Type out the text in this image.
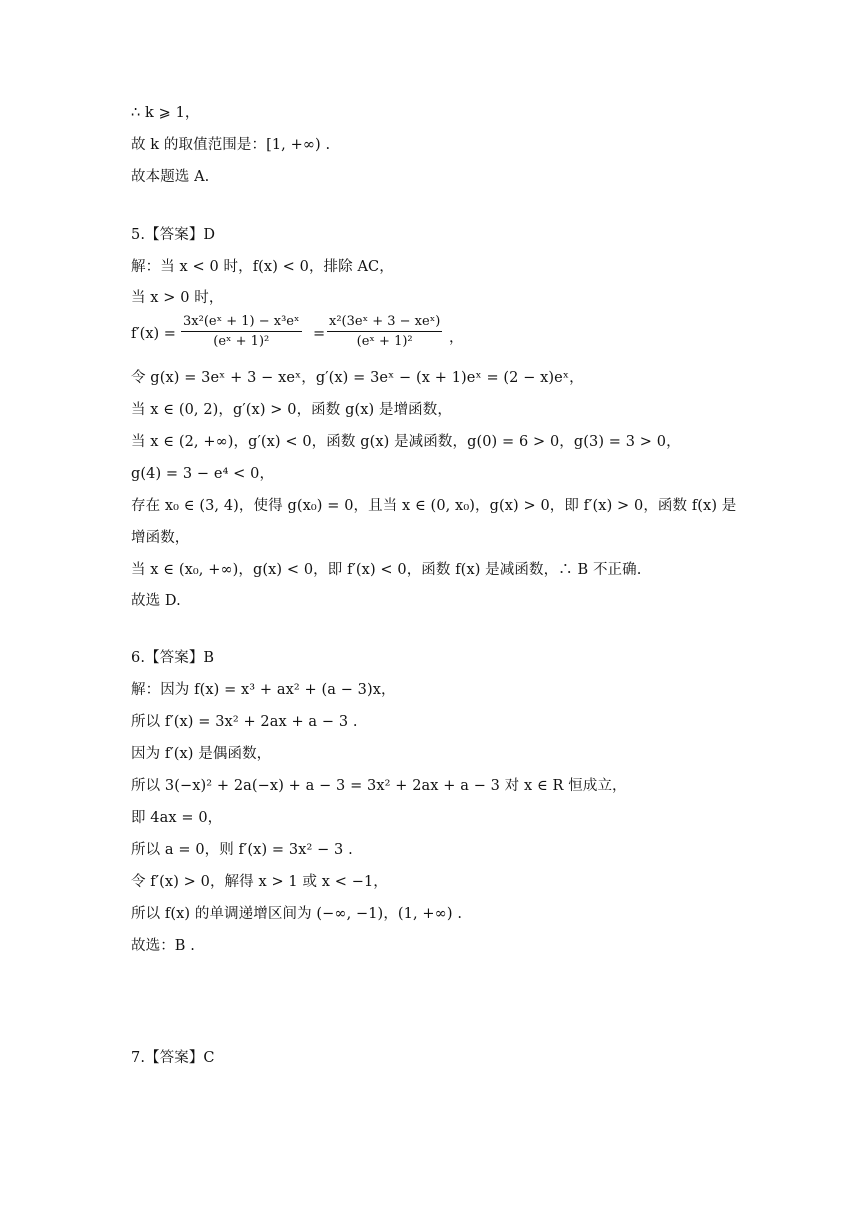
∴ k ⩾ 1，
故 k 的取值范围是：[1, +∞) .
故本题选 A.
5.【答案】D
解：当 x < 0 时，f(x) < 0，排除 AC，
当 x > 0 时，
f′(x) =
3x²(eˣ + 1) − x³eˣ
(eˣ + 1)²	=
x²(3eˣ + 3 − xeˣ)
(eˣ + 1)²	，
令 g(x) = 3eˣ + 3 − xeˣ，g′(x) = 3eˣ − (x + 1)eˣ = (2 − x)eˣ，
当 x ∈ (0, 2)，g′(x) > 0，函数 g(x) 是增函数，
当 x ∈ (2, +∞)，g′(x) < 0，函数 g(x) 是减函数，g(0) = 6 > 0，g(3) = 3 > 0，
g(4) = 3 − e⁴ < 0，
存在 x₀ ∈ (3, 4)，使得 g(x₀) = 0，且当 x ∈ (0, x₀)，g(x) > 0，即 f′(x) > 0，函数 f(x) 是
增函数，
当 x ∈ (x₀, +∞)，g(x) < 0，即 f′(x) < 0，函数 f(x) 是减函数，∴ B 不正确.
故选 D.
6.【答案】B
解：因为 f(x) = x³ + ax² + (a − 3)x，
所以 f′(x) = 3x² + 2ax + a − 3 .
因为 f′(x) 是偶函数，
所以 3(−x)² + 2a(−x) + a − 3 = 3x² + 2ax + a − 3 对 x ∈ R 恒成立，
即 4ax = 0，
所以 a = 0，则 f′(x) = 3x² − 3 .
令 f′(x) > 0，解得 x > 1 或 x < −1，
所以 f(x) 的单调递增区间为 (−∞, −1)，(1, +∞) .
故选：B .
7.【答案】C
